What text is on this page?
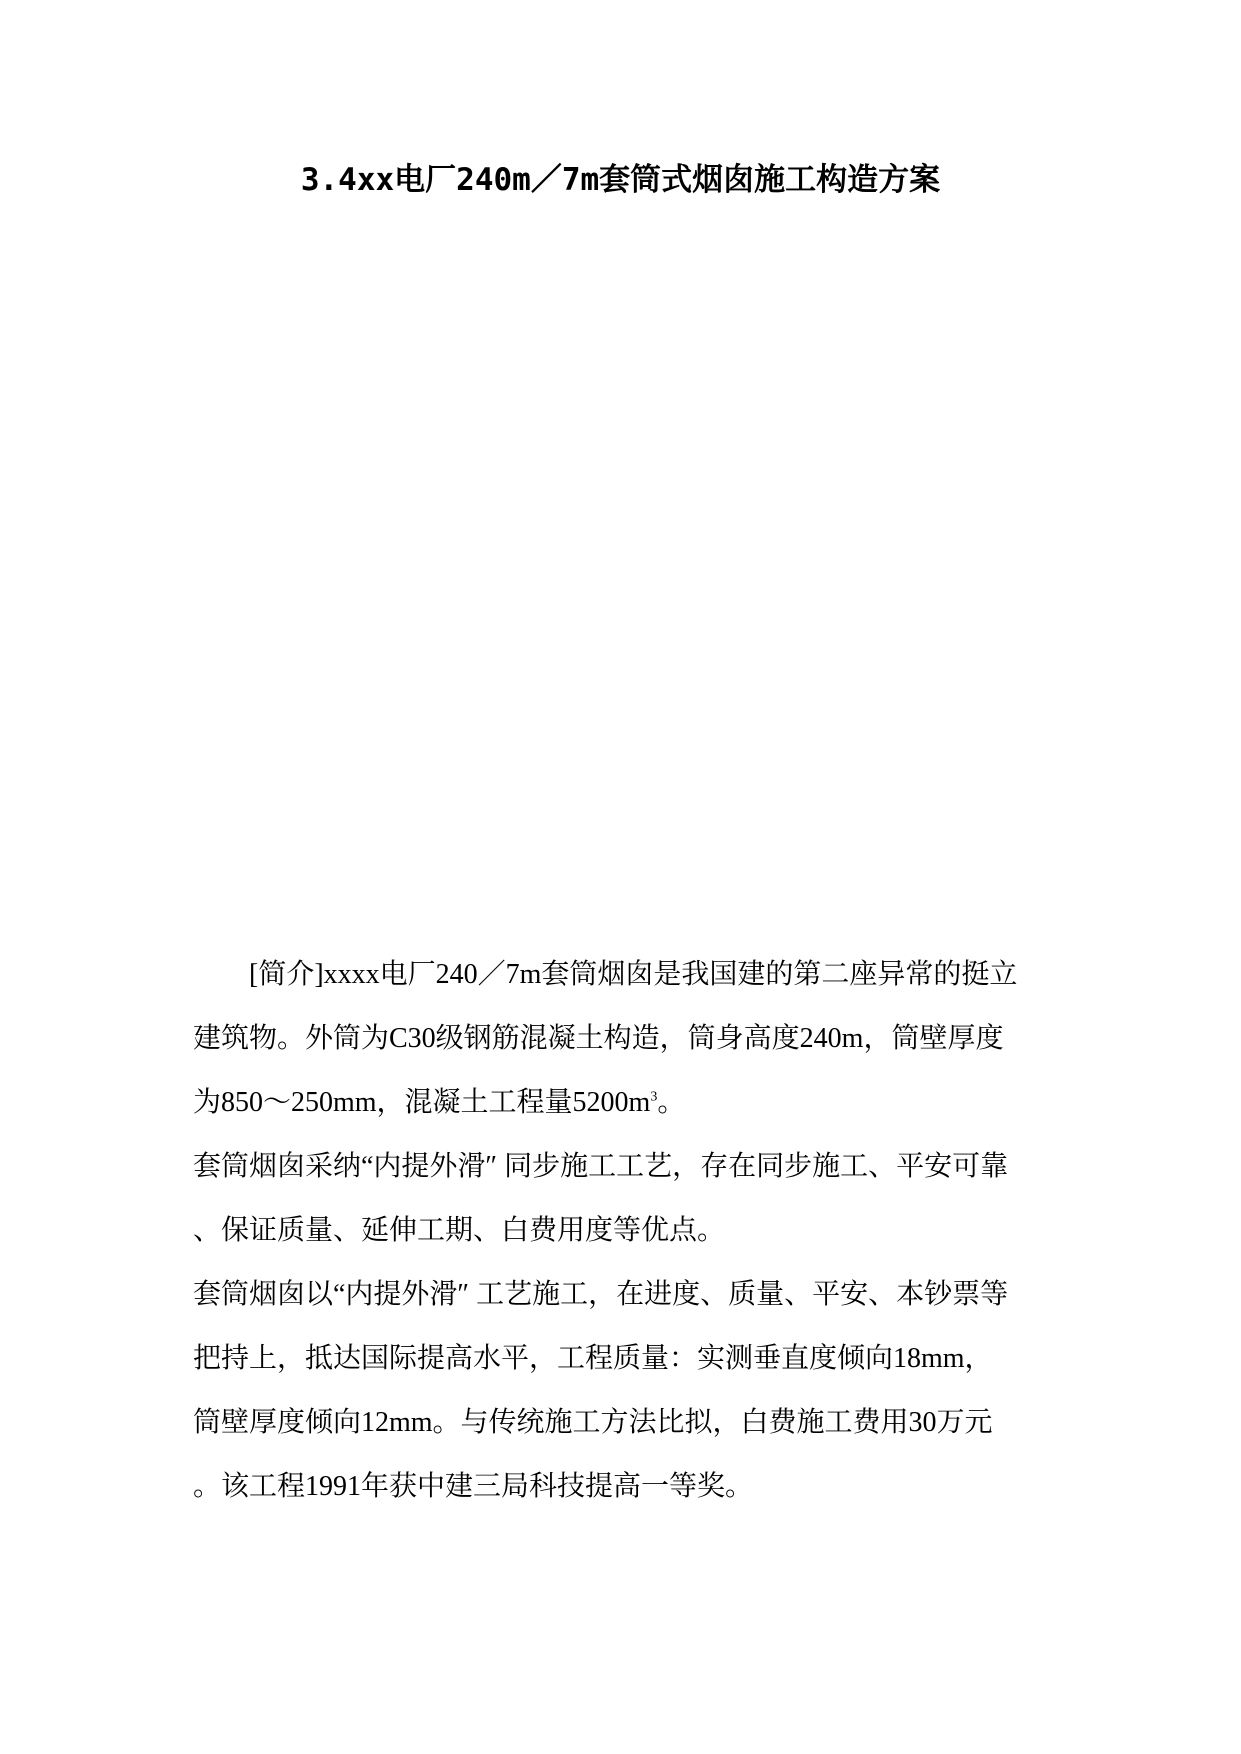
3.4xx电厂240m／7m套筒式烟囱施工构造方案
[简介]xxxx电厂240／7m套筒烟囱是我国建的第二座异常的挺立
建筑物。外筒为C30级钢筋混凝土构造，筒身高度240m，筒壁厚度
为850～250mm，混凝土工程量$5200m^3$。
套筒烟囱采纳“内提外滑″ 同步施工工艺，存在同步施工、平安可靠
、保证质量、延伸工期、白费用度等优点。
套筒烟囱以“内提外滑″ 工艺施工，在进度、质量、平安、本钞票等
把持上，抵达国际提高水平，工程质量：实测垂直度倾向18mm，
筒壁厚度倾向12mm。与传统施工方法比拟，白费施工费用30万元
。该工程1991年获中建三局科技提高一等奖。
